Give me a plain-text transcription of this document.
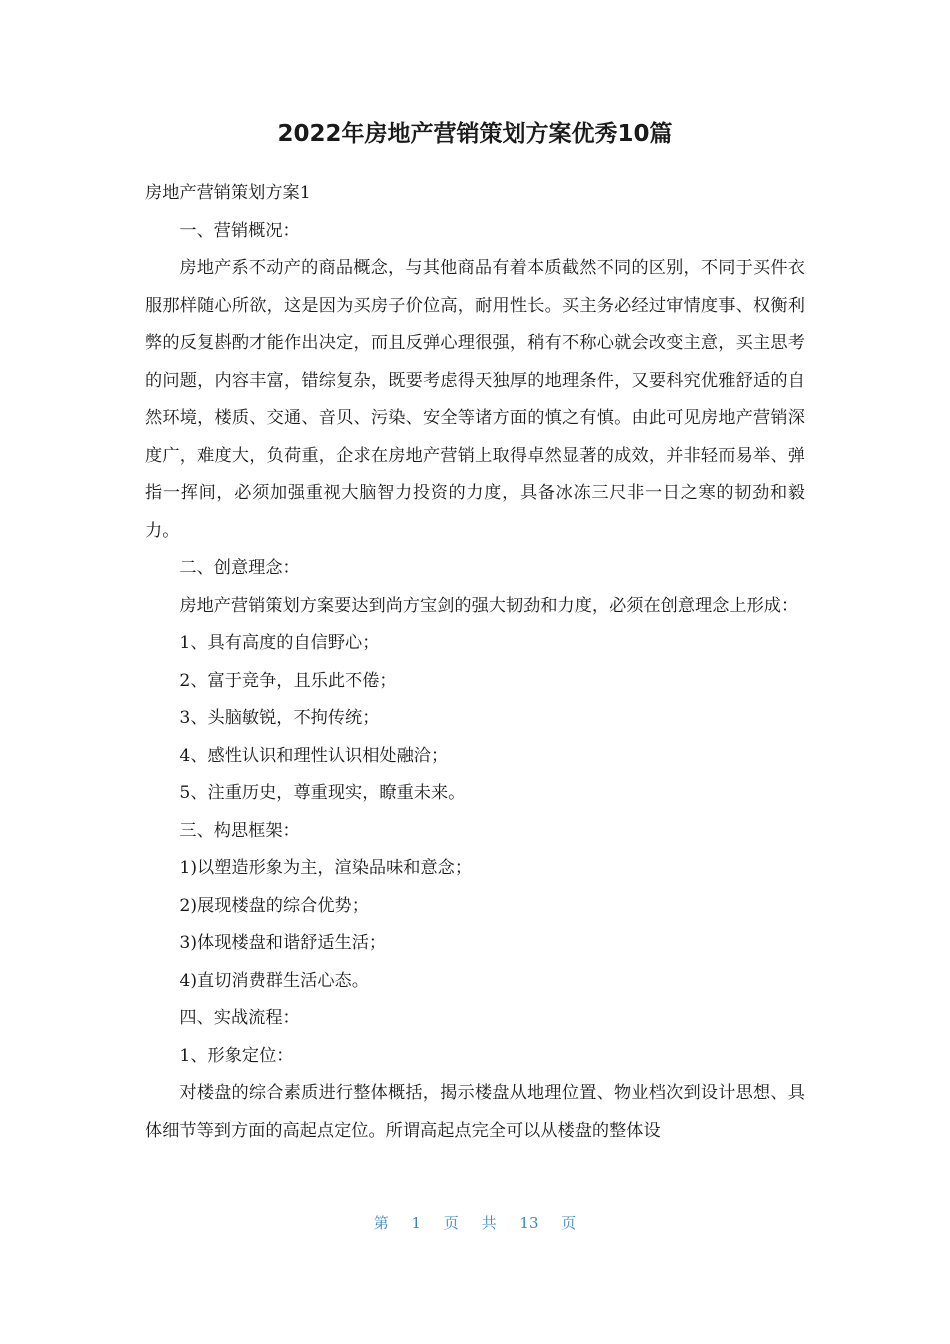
2022年房地产营销策划方案优秀10篇

房地产营销策划方案1

一、营销概况：

房地产系不动产的商品概念，与其他商品有着本质截然不同的区别，不同于买件衣服那样随心所欲，这是因为买房子价位高，耐用性长。买主务必经过审情度事、权衡利弊的反复斟酌才能作出决定，而且反弹心理很强，稍有不称心就会改变主意，买主思考的问题，内容丰富，错综复杂，既要考虑得天独厚的地理条件，又要科究优雅舒适的自然环境，楼质、交通、音贝、污染、安全等诸方面的慎之有慎。由此可见房地产营销深度广，难度大，负荷重，企求在房地产营销上取得卓然显著的成效，并非轻而易举、弹指一挥间，必须加强重视大脑智力投资的力度，具备冰冻三尺非一日之寒的韧劲和毅力。

二、创意理念：

房地产营销策划方案要达到尚方宝剑的强大韧劲和力度，必须在创意理念上形成：

1、具有高度的自信野心；

2、富于竞争，且乐此不倦；

3、头脑敏锐，不拘传统；

4、感性认识和理性认识相处融洽；

5、注重历史，尊重现实，瞭重未来。

三、构思框架：

1)以塑造形象为主，渲染品味和意念；

2)展现楼盘的综合优势；

3)体现楼盘和谐舒适生活；

4)直切消费群生活心态。

四、实战流程：

1、形象定位：

对楼盘的综合素质进行整体概括，揭示楼盘从地理位置、物业档次到设计思想、具体细节等到方面的高起点定位。所谓高起点完全可以从楼盘的整体设

第 1 页 共 13 页
